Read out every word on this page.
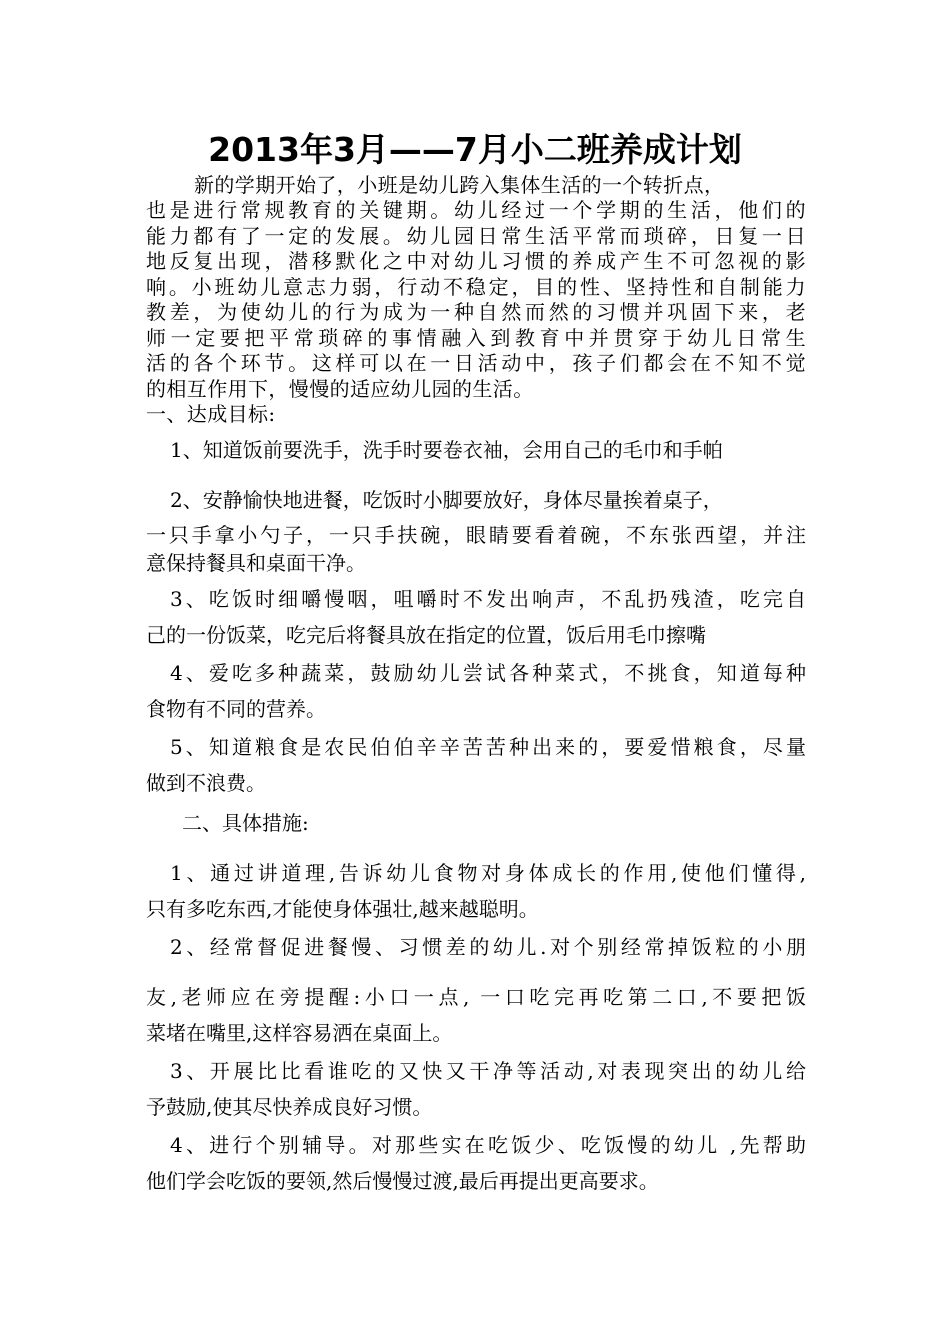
2013年3月——7月小二班养成计划
新的学期开始了，小班是幼儿跨入集体生活的一个转折点，
也是进行常规教育的关键期。幼儿经过一个学期的生活，他们的
能力都有了一定的发展。幼儿园日常生活平常而琐碎，日复一日
地反复出现，潜移默化之中对幼儿习惯的养成产生不可忽视的影
响。小班幼儿意志力弱，行动不稳定，目的性、坚持性和自制能力
教差，为使幼儿的行为成为一种自然而然的习惯并巩固下来，老
师一定要把平常琐碎的事情融入到教育中并贯穿于幼儿日常生
活的各个环节。这样可以在一日活动中，孩子们都会在不知不觉
的相互作用下，慢慢的适应幼儿园的生活。
一、达成目标:
1、知道饭前要洗手，洗手时要卷衣袖，会用自己的毛巾和手帕
2、安静愉快地进餐，吃饭时小脚要放好，身体尽量挨着桌子，
一只手拿小勺子，一只手扶碗，眼睛要看着碗，不东张西望，并注
意保持餐具和桌面干净。
3、吃饭时细嚼慢咽，咀嚼时不发出响声，不乱扔残渣，吃完自
己的一份饭菜，吃完后将餐具放在指定的位置，饭后用毛巾擦嘴
4、爱吃多种蔬菜，鼓励幼儿尝试各种菜式，不挑食，知道每种
食物有不同的营养。
5、知道粮食是农民伯伯辛辛苦苦种出来的，要爱惜粮食，尽量
做到不浪费。
二、具体措施:
1、通过讲道理,告诉幼儿食物对身体成长的作用,使他们懂得,
只有多吃东西,才能使身体强壮,越来越聪明。
2、经常督促进餐慢、习惯差的幼儿.对个别经常掉饭粒的小朋
友,老师应在旁提醒:小口一点, 一口吃完再吃第二口,不要把饭
菜堵在嘴里,这样容易洒在桌面上。
3、开展比比看谁吃的又快又干净等活动,对表现突出的幼儿给
予鼓励,使其尽快养成良好习惯。
4、进行个别辅导。对那些实在吃饭少、吃饭慢的幼儿 ,先帮助
他们学会吃饭的要领,然后慢慢过渡,最后再提出更高要求。
